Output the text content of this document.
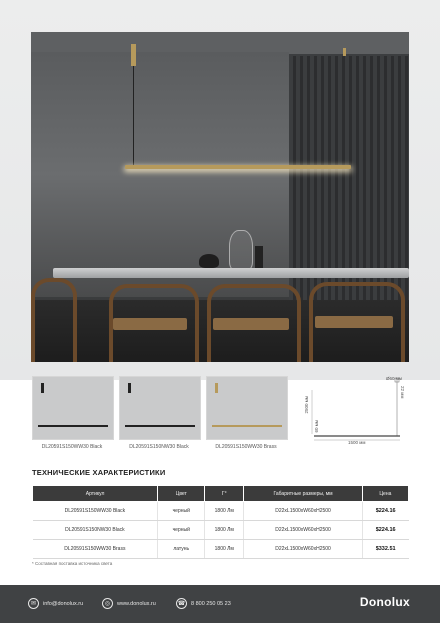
DL20591S150WW30 Black	DL20591S150NW30 Black	DL20591S150WW30 Brass
Ø60 мм
22 мм
2500 мм
60 мм
1500 мм
ТЕХНИЧЕСКИЕ ХАРАКТЕРИСТИКИ
Артикул	Цвет	Г°	Габаритные размеры, мм	Цена
DL20591S150WW30 Black	черный	1800 Лм	D22xL1500xW60xH2500	$224.16
DL20591S150NW30 Black	черный	1800 Лм	D22xL1500xW60xH2500	$224.16
DL20591S150WW30 Brass	латунь	1800 Лм	D22xL1500xW60xH2500	$332.51
* Составная поставка источника света
✉	info@donolux.ru	◎	www.donolux.ru	☎	8 800 250 05 23	Donolux
